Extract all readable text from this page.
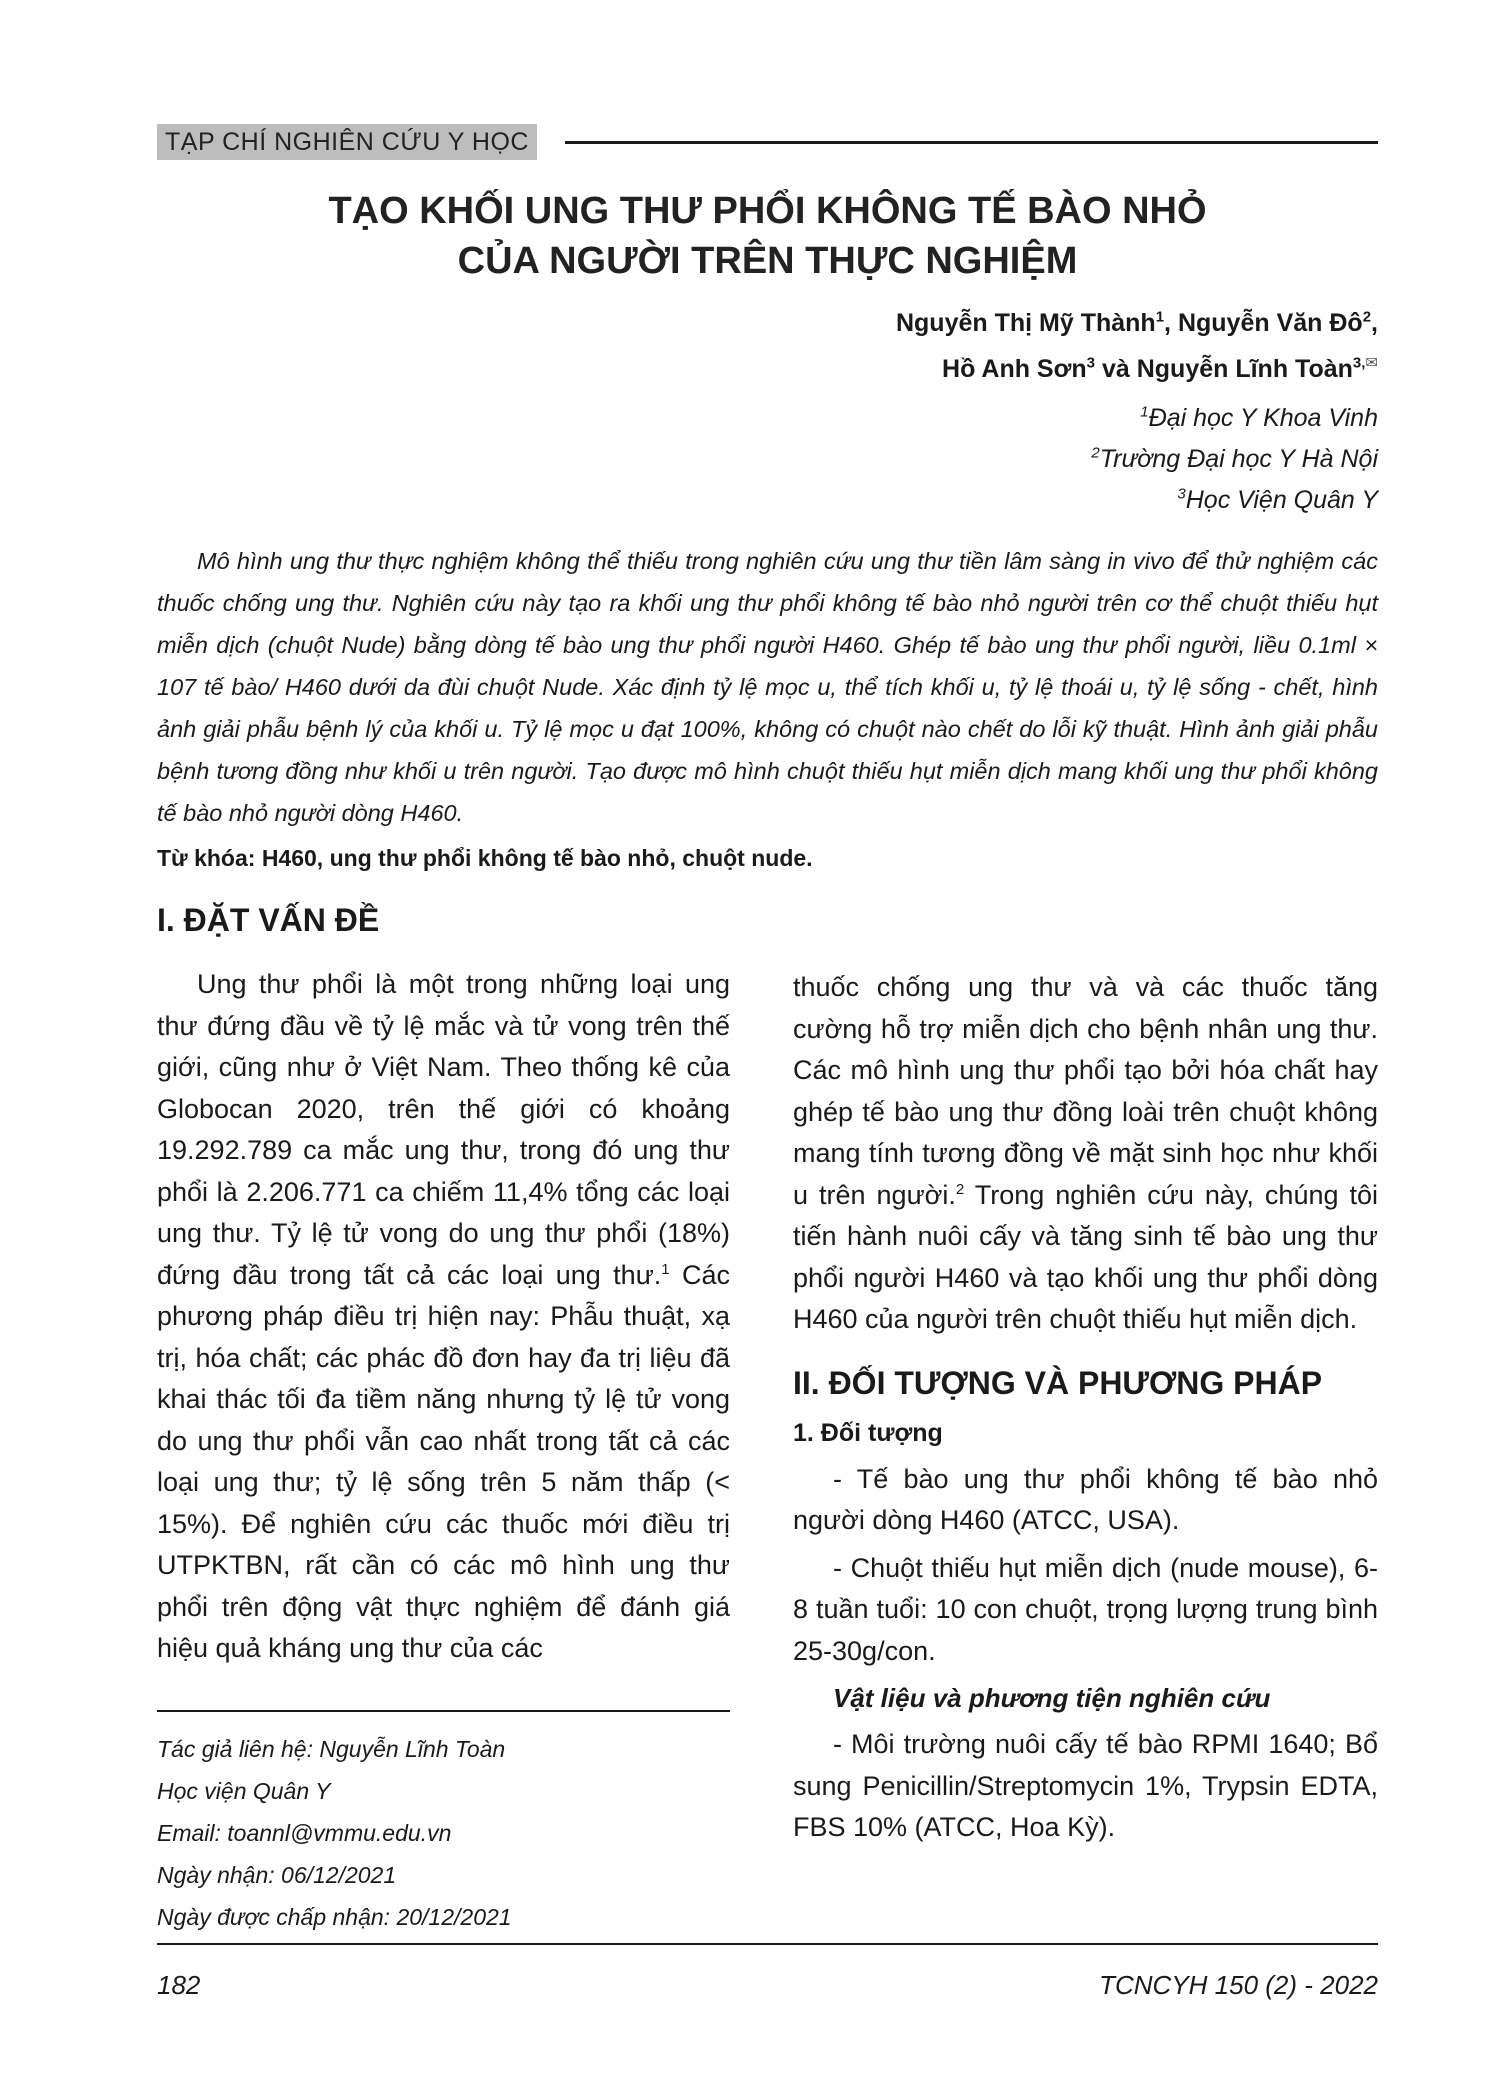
TẠP CHÍ NGHIÊN CỨU Y HỌC
TẠO KHỐI UNG THƯ PHỔI KHÔNG TẾ BÀO NHỎ
CỦA NGƯỜI TRÊN THỰC NGHIỆM
Nguyễn Thị Mỹ Thành$^1$, Nguyễn Văn $Đô^2$,
Hồ Anh Sơn$^3$ và Nguyễn Lĩnh Toàn$^{3,✉}$
$^1$Đại học Y Khoa Vinh
$^2$Trường Đại học Y Hà Nội
$^3$Học Viện Quân Y

Mô hình ung thư thực nghiệm không thể thiếu trong nghiên cứu ung thư tiền lâm sàng in vivo để thử nghiệm các thuốc chống ung thư. Nghiên cứu này tạo ra khối ung thư phổi không tế bào nhỏ người trên cơ thể chuột thiếu hụt miễn dịch (chuột Nude) bằng dòng tế bào ung thư phổi người H460. Ghép tế bào ung thư phổi người, liều 0.1ml × 107 tế bào/ H460 dưới da đùi chuột Nude. Xác định tỷ lệ mọc u, thể tích khối u, tỷ lệ thoái u, tỷ lệ sống - chết, hình ảnh giải phẫu bệnh lý của khối u. Tỷ lệ mọc u đạt 100%, không có chuột nào chết do lỗi kỹ thuật. Hình ảnh giải phẫu bệnh tương đồng như khối u trên người. Tạo được mô hình chuột thiếu hụt miễn dịch mang khối ung thư phổi không tế bào nhỏ người dòng H460.

Từ khóa: H460, ung thư phổi không tế bào nhỏ, chuột nude.
I. ĐẶT VẤN ĐỀ

Ung thư phổi là một trong những loại ung thư đứng đầu về tỷ lệ mắc và tử vong trên thế giới, cũng như ở Việt Nam. Theo thống kê của Globocan 2020, trên thế giới có khoảng 19.292.789 ca mắc ung thư, trong đó ung thư phổi là 2.206.771 ca chiếm 11,4% tổng các loại ung thư. Tỷ lệ tử vong do ung thư phổi (18%) đứng đầu trong tất cả các loại ung thư.$^1$ Các phương pháp điều trị hiện nay: Phẫu thuật, xạ trị, hóa chất; các phác đồ đơn hay đa trị liệu đã khai thác tối đa tiềm năng nhưng tỷ lệ tử vong do ung thư phổi vẫn cao nhất trong tất cả các loại ung thư; tỷ lệ sống trên 5 năm thấp (< 15%). Để nghiên cứu các thuốc mới điều trị UTPKTBN, rất cần có các mô hình ung thư phổi trên động vật thực nghiệm để đánh giá hiệu quả kháng ung thư của các

thuốc chống ung thư và và các thuốc tăng cường hỗ trợ miễn dịch cho bệnh nhân ung thư. Các mô hình ung thư phổi tạo bởi hóa chất hay ghép tế bào ung thư đồng loài trên chuột không mang tính tương đồng về mặt sinh học như khối u trên người.$^2$ Trong nghiên cứu này, chúng tôi tiến hành nuôi cấy và tăng sinh tế bào ung thư phổi người H460 và tạo khối ung thư phổi dòng H460 của người trên chuột thiếu hụt miễn dịch.

II. ĐỐI TƯỢNG VÀ PHƯƠNG PHÁP
1. Đối tượng

- Tế bào ung thư phổi không tế bào nhỏ người dòng H460 (ATCC, USA).

- Chuột thiếu hụt miễn dịch (nude mouse), 6-8 tuần tuổi: 10 con chuột, trọng lượng trung bình 25-30g/con.

Vật liệu và phương tiện nghiên cứu

- Môi trường nuôi cấy tế bào RPMI 1640; Bổ sung Penicillin/Streptomycin 1%, Trypsin EDTA, FBS 10% (ATCC, Hoa Kỳ).

Tác giả liên hệ: Nguyễn Lĩnh Toàn
Học viện Quân Y
Email: toannl@vmmu.edu.vn
Ngày nhận: 06/12/2021
Ngày được chấp nhận: 20/12/2021
182	TCNCYH 150 (2) - 2022
